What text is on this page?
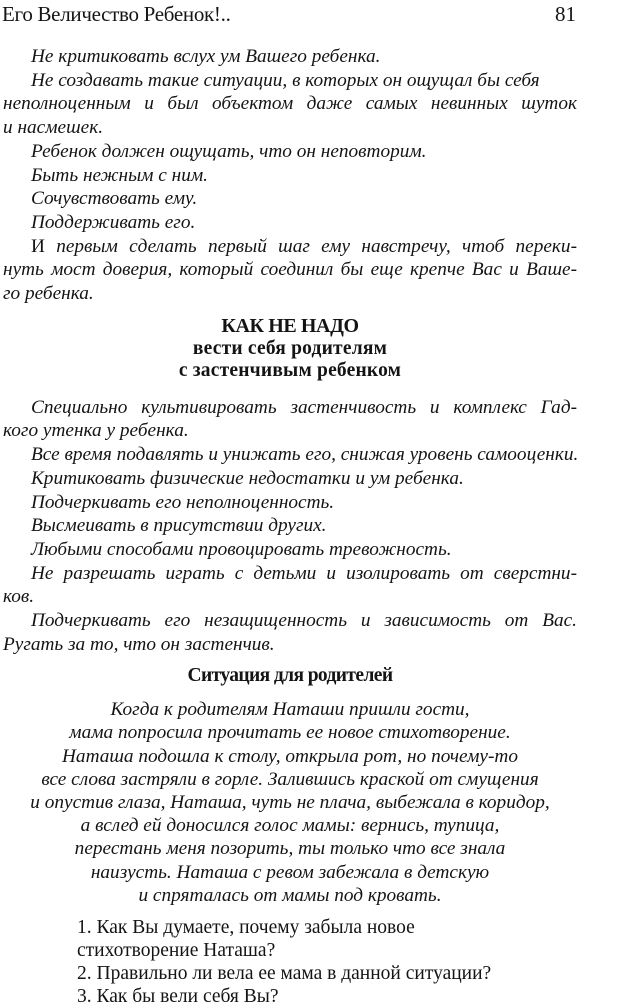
Его Величество Ребенок!..	81

Не критиковать вслух ум Вашего ребенка.

Не создавать такие ситуации, в которых он ощущал бы себя

неполноценным и был объектом даже самых невинных шуток

и насмешек.

Ребенок должен ощущать, что он неповторим.

Быть нежным с ним.

Сочувствовать ему.

Поддерживать его.

И первым сделать первый шаг ему навстречу, чтоб переки-

нуть мост доверия, который соединил бы еще крепче Вас и Ваше-

го ребенка.

КАК НЕ НАДО
вести себя родителям
с застенчивым ребенком

Специально культивировать застенчивость и комплекс Гад-

кого утенка у ребенка.

Все время подавлять и унижать его, снижая уровень самооценки.

Критиковать физические недостатки и ум ребенка.

Подчеркивать его неполноценность.

Высмеивать в присутствии других.

Любыми способами провоцировать тревожность.

Не разрешать играть с детьми и изолировать от сверстни-

ков.

Подчеркивать его незащищенность и зависимость от Вас.

Ругать за то, что он застенчив.

Ситуация для родителей
Когда к родителям Наташи пришли гости,
мама попросила прочитать ее новое стихотворение.
Наташа подошла к столу, открыла рот, но почему-то
все слова застряли в горле. Залившись краской от смущения
и опустив глаза, Наташа, чуть не плача, выбежала в коридор,
а вслед ей доносился голос мамы: вернись, тупица,
перестань меня позорить, ты только что все знала
наизусть. Наташа с ревом забежала в детскую
и спряталась от мамы под кровать.
1. Как Вы думаете, почему забыла новое
стихотворение Наташа?
2. Правильно ли вела ее мама в данной ситуации?
3. Как бы вели себя Вы?
